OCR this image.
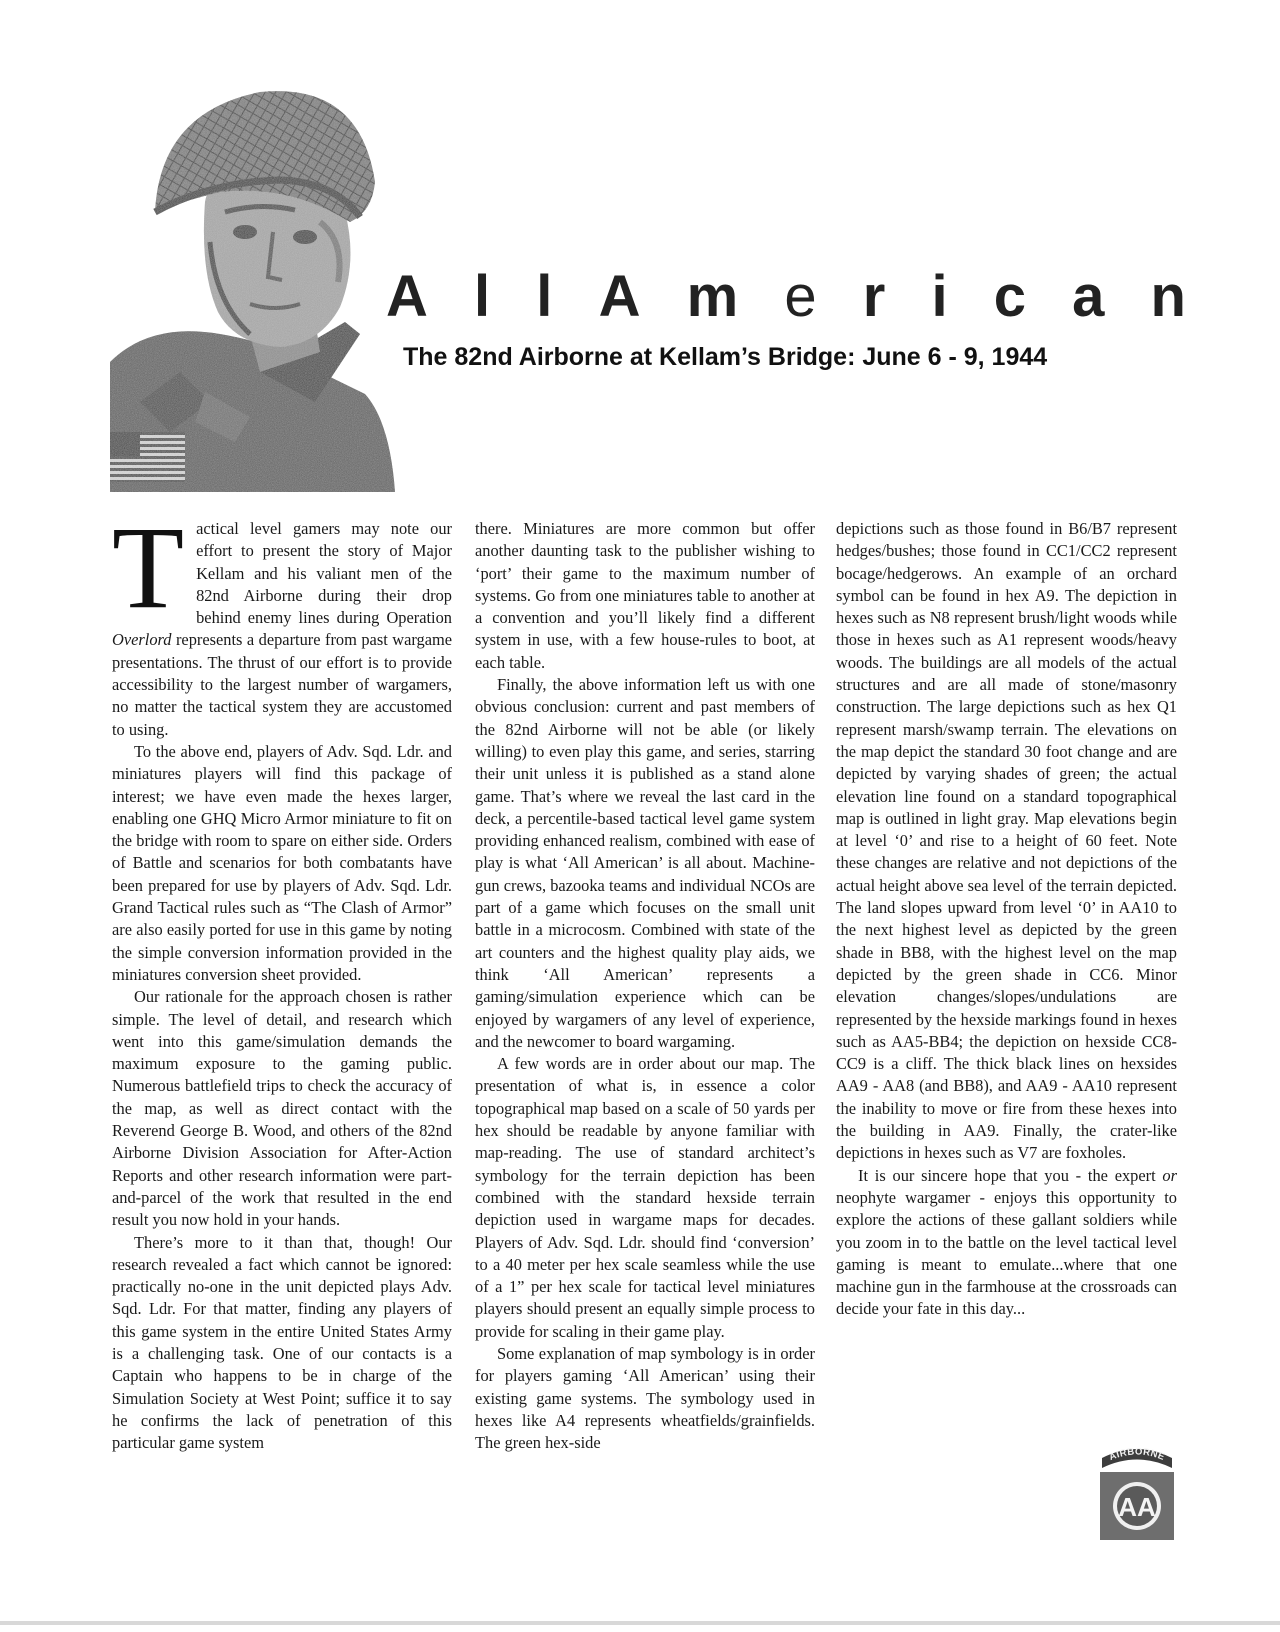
A l l A m e r i c a n
The 82nd Airborne at Kellam’s Bridge: June 6 - 9, 1944

Tactical level gamers may note our effort to present the story of Major Kellam and his valiant men of the 82nd Airborne during their drop behind enemy lines during Operation Overlord represents a departure from past wargame presentations. The thrust of our effort is to provide accessibility to the largest number of wargamers, no matter the tactical system they are accustomed to using.

To the above end, players of Adv. Sqd. Ldr. and miniatures players will find this package of interest; we have even made the hexes larger, enabling one GHQ Micro Armor miniature to fit on the bridge with room to spare on either side. Orders of Battle and scenarios for both combatants have been prepared for use by players of Adv. Sqd. Ldr. Grand Tactical rules such as “The Clash of Armor” are also easily ported for use in this game by noting the simple conversion information provided in the miniatures conversion sheet provided.

Our rationale for the approach chosen is rather simple. The level of detail, and research which went into this game/simulation demands the maximum exposure to the gaming public. Numerous battlefield trips to check the accuracy of the map, as well as direct contact with the Reverend George B. Wood, and others of the 82nd Airborne Division Association for After-Action Reports and other research information were part-and-parcel of the work that resulted in the end result you now hold in your hands.

There’s more to it than that, though! Our research revealed a fact which cannot be ignored: practically no-one in the unit depicted plays Adv. Sqd. Ldr. For that matter, finding any players of this game system in the entire United States Army is a challenging task. One of our contacts is a Captain who happens to be in charge of the Simulation Society at West Point; suffice it to say he confirms the lack of penetration of this particular game system

there. Miniatures are more common but offer another daunting task to the publisher wishing to ‘port’ their game to the maximum number of systems. Go from one miniatures table to another at a convention and you’ll likely find a different system in use, with a few house-rules to boot, at each table.

Finally, the above information left us with one obvious conclusion: current and past members of the 82nd Airborne will not be able (or likely willing) to even play this game, and series, starring their unit unless it is published as a stand alone game. That’s where we reveal the last card in the deck, a percentile-based tactical level game system providing enhanced realism, combined with ease of play is what ‘All American’ is all about. Machine-gun crews, bazooka teams and individual NCOs are part of a game which focuses on the small unit battle in a microcosm. Combined with state of the art counters and the highest quality play aids, we think ‘All American’ represents a gaming/simulation experience which can be enjoyed by wargamers of any level of experience, and the newcomer to board wargaming.

A few words are in order about our map. The presentation of what is, in essence a color topographical map based on a scale of 50 yards per hex should be readable by anyone familiar with map-reading. The use of standard architect’s symbology for the terrain depiction has been combined with the standard hexside terrain depiction used in wargame maps for decades. Players of Adv. Sqd. Ldr. should find ‘conversion’ to a 40 meter per hex scale seamless while the use of a 1” per hex scale for tactical level miniatures players should present an equally simple process to provide for scaling in their game play.

Some explanation of map symbology is in order for players gaming ‘All American’ using their existing game systems. The symbology used in hexes like A4 represents wheatfields/grainfields. The green hex-side

depictions such as those found in B6/B7 represent hedges/bushes; those found in CC1/CC2 represent bocage/hedgerows. An example of an orchard symbol can be found in hex A9. The depiction in hexes such as N8 represent brush/light woods while those in hexes such as A1 represent woods/heavy woods. The buildings are all models of the actual structures and are all made of stone/masonry construction. The large depictions such as hex Q1 represent marsh/swamp terrain. The elevations on the map depict the standard 30 foot change and are depicted by varying shades of green; the actual elevation line found on a standard topographical map is outlined in light gray. Map elevations begin at level ‘0’ and rise to a height of 60 feet. Note these changes are relative and not depictions of the actual height above sea level of the terrain depicted. The land slopes upward from level ‘0’ in AA10 to the next highest level as depicted by the green shade in BB8, with the highest level on the map depicted by the green shade in CC6. Minor elevation changes/slopes/undulations are represented by the hexside markings found in hexes such as AA5-BB4; the depiction on hexside CC8-CC9 is a cliff. The thick black lines on hexsides AA9 - AA8 (and BB8), and AA9 - AA10 represent the inability to move or fire from these hexes into the building in AA9. Finally, the crater-like depictions in hexes such as V7 are foxholes.

It is our sincere hope that you - the expert or neophyte wargamer - enjoys this opportunity to explore the actions of these gallant soldiers while you zoom in to the battle on the level tactical level gaming is meant to emulate...where that one machine gun in the farmhouse at the crossroads can decide your fate in this day...

AIRBORNE
AA
